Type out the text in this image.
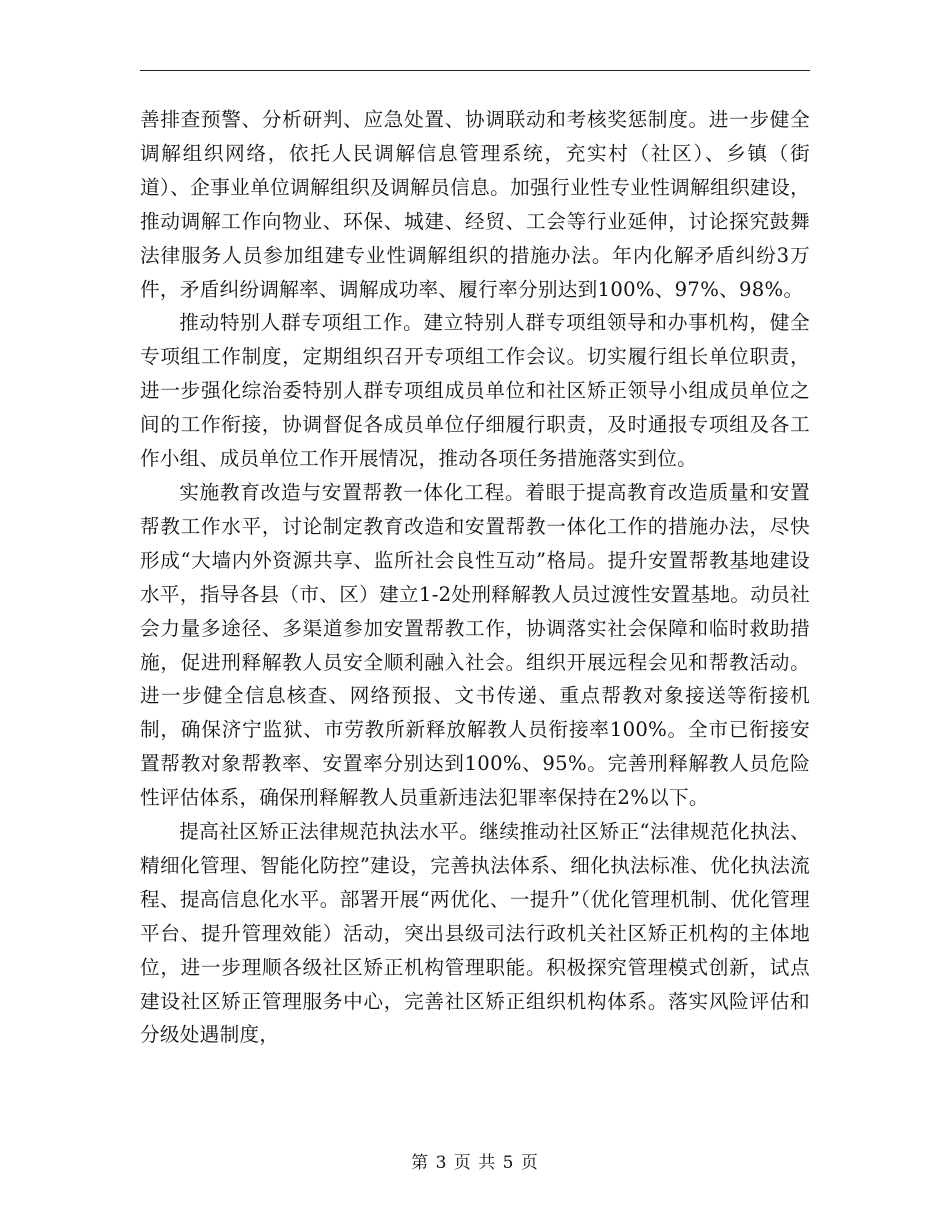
善排查预警、分析研判、应急处置、协调联动和考核奖惩制度。进一步健全调解组织网络，依托人民调解信息管理系统，充实村（社区）、乡镇（街道）、企事业单位调解组织及调解员信息。加强行业性专业性调解组织建设，推动调解工作向物业、环保、城建、经贸、工会等行业延伸，讨论探究鼓舞法律服务人员参加组建专业性调解组织的措施办法。年内化解矛盾纠纷3万件，矛盾纠纷调解率、调解成功率、履行率分别达到100%、97%、98%。

推动特别人群专项组工作。建立特别人群专项组领导和办事机构，健全专项组工作制度，定期组织召开专项组工作会议。切实履行组长单位职责，进一步强化综治委特别人群专项组成员单位和社区矫正领导小组成员单位之间的工作衔接，协调督促各成员单位仔细履行职责，及时通报专项组及各工作小组、成员单位工作开展情况，推动各项任务措施落实到位。

实施教育改造与安置帮教一体化工程。着眼于提高教育改造质量和安置帮教工作水平，讨论制定教育改造和安置帮教一体化工作的措施办法，尽快形成“大墙内外资源共享、监所社会良性互动”格局。提升安置帮教基地建设水平，指导各县（市、区）建立1-2处刑释解教人员过渡性安置基地。动员社会力量多途径、多渠道参加安置帮教工作，协调落实社会保障和临时救助措施，促进刑释解教人员安全顺利融入社会。组织开展远程会见和帮教活动。进一步健全信息核查、网络预报、文书传递、重点帮教对象接送等衔接机制，确保济宁监狱、市劳教所新释放解教人员衔接率100%。全市已衔接安置帮教对象帮教率、安置率分别达到100%、95%。完善刑释解教人员危险性评估体系，确保刑释解教人员重新违法犯罪率保持在2%以下。

提高社区矫正法律规范执法水平。继续推动社区矫正“法律规范化执法、精细化管理、智能化防控”建设，完善执法体系、细化执法标准、优化执法流程、提高信息化水平。部署开展“两优化、一提升”（优化管理机制、优化管理平台、提升管理效能）活动，突出县级司法行政机关社区矫正机构的主体地位，进一步理顺各级社区矫正机构管理职能。积极探究管理模式创新，试点建设社区矫正管理服务中心，完善社区矫正组织机构体系。落实风险评估和分级处遇制度，

第 3 页 共 5 页
